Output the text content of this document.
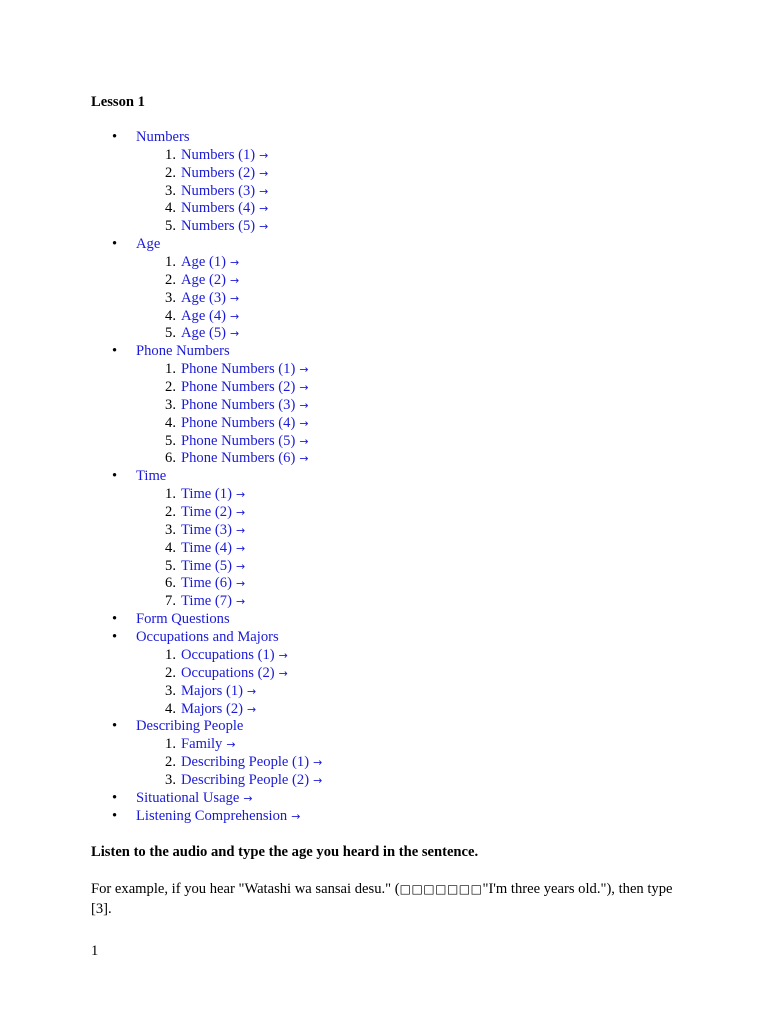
Lesson 1

• Numbers
1. Numbers (1) →
2. Numbers (2) →
3. Numbers (3) →
4. Numbers (4) →
5. Numbers (5) →
• Age
1. Age (1) →
2. Age (2) →
3. Age (3) →
4. Age (4) →
5. Age (5) →
• Phone Numbers
1. Phone Numbers (1) →
2. Phone Numbers (2) →
3. Phone Numbers (3) →
4. Phone Numbers (4) →
5. Phone Numbers (5) →
6. Phone Numbers (6) →
• Time
1. Time (1) →
2. Time (2) →
3. Time (3) →
4. Time (4) →
5. Time (5) →
6. Time (6) →
7. Time (7) →
• Form Questions
• Occupations and Majors
1. Occupations (1) →
2. Occupations (2) →
3. Majors (1) →
4. Majors (2) →
• Describing People
1. Family →
2. Describing People (1) →
3. Describing People (2) →
• Situational Usage →
• Listening Comprehension →

Listen to the audio and type the age you heard in the sentence.

For example, if you hear "Watashi wa sansai desu." (□□□□□□□"I'm three years old."), then type [3].

1
